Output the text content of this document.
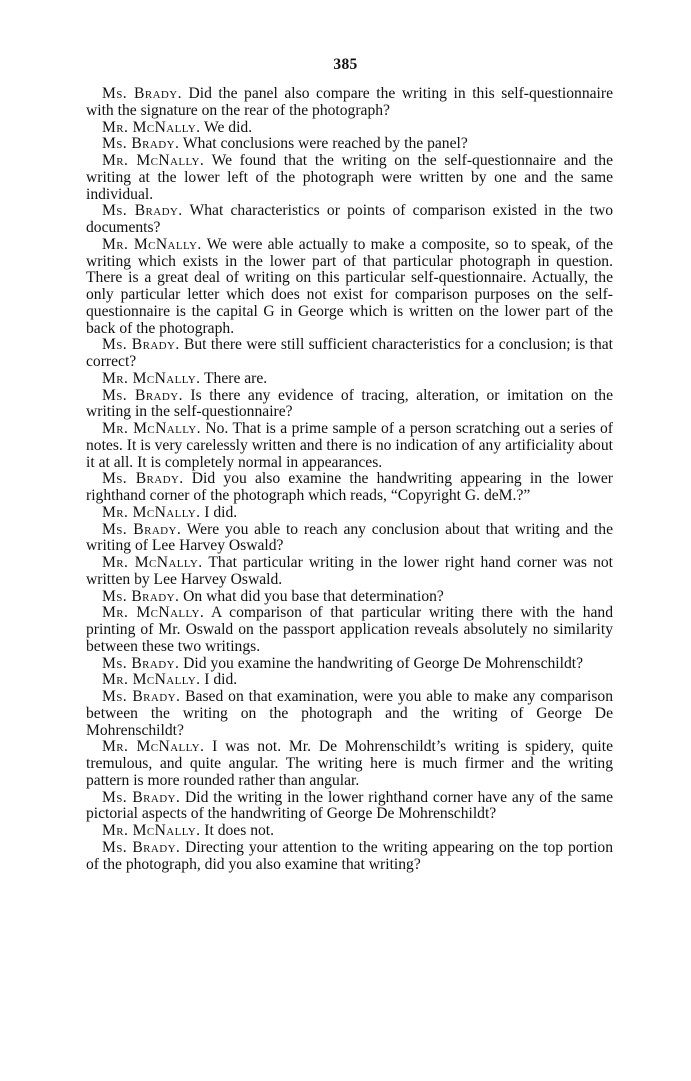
385

Ms. Brady. Did the panel also compare the writing in this self-questionnaire with the signature on the rear of the photograph?

Mr. McNally. We did.

Ms. Brady. What conclusions were reached by the panel?

Mr. McNally. We found that the writing on the self-questionnaire and the writing at the lower left of the photograph were written by one and the same individual.

Ms. Brady. What characteristics or points of comparison existed in the two documents?

Mr. McNally. We were able actually to make a composite, so to speak, of the writing which exists in the lower part of that particular photograph in question. There is a great deal of writing on this particular self-questionnaire. Actually, the only particular letter which does not exist for comparison purposes on the self-questionnaire is the capital G in George which is written on the lower part of the back of the photograph.

Ms. Brady. But there were still sufficient characteristics for a conclusion; is that correct?

Mr. McNally. There are.

Ms. Brady. Is there any evidence of tracing, alteration, or imitation on the writing in the self-questionnaire?

Mr. McNally. No. That is a prime sample of a person scratching out a series of notes. It is very carelessly written and there is no indication of any artificiality about it at all. It is completely normal in appearances.

Ms. Brady. Did you also examine the handwriting appearing in the lower righthand corner of the photograph which reads, “Copyright G. deM.?”

Mr. McNally. I did.

Ms. Brady. Were you able to reach any conclusion about that writing and the writing of Lee Harvey Oswald?

Mr. McNally. That particular writing in the lower right hand corner was not written by Lee Harvey Oswald.

Ms. Brady. On what did you base that determination?

Mr. McNally. A comparison of that particular writing there with the hand printing of Mr. Oswald on the passport application reveals absolutely no similarity between these two writings.

Ms. Brady. Did you examine the handwriting of George De Mohrenschildt?

Mr. McNally. I did.

Ms. Brady. Based on that examination, were you able to make any comparison between the writing on the photograph and the writing of George De Mohrenschildt?

Mr. McNally. I was not. Mr. De Mohrenschildt’s writing is spidery, quite tremulous, and quite angular. The writing here is much firmer and the writing pattern is more rounded rather than angular.

Ms. Brady. Did the writing in the lower righthand corner have any of the same pictorial aspects of the handwriting of George De Mohrenschildt?

Mr. McNally. It does not.

Ms. Brady. Directing your attention to the writing appearing on the top portion of the photograph, did you also examine that writing?
